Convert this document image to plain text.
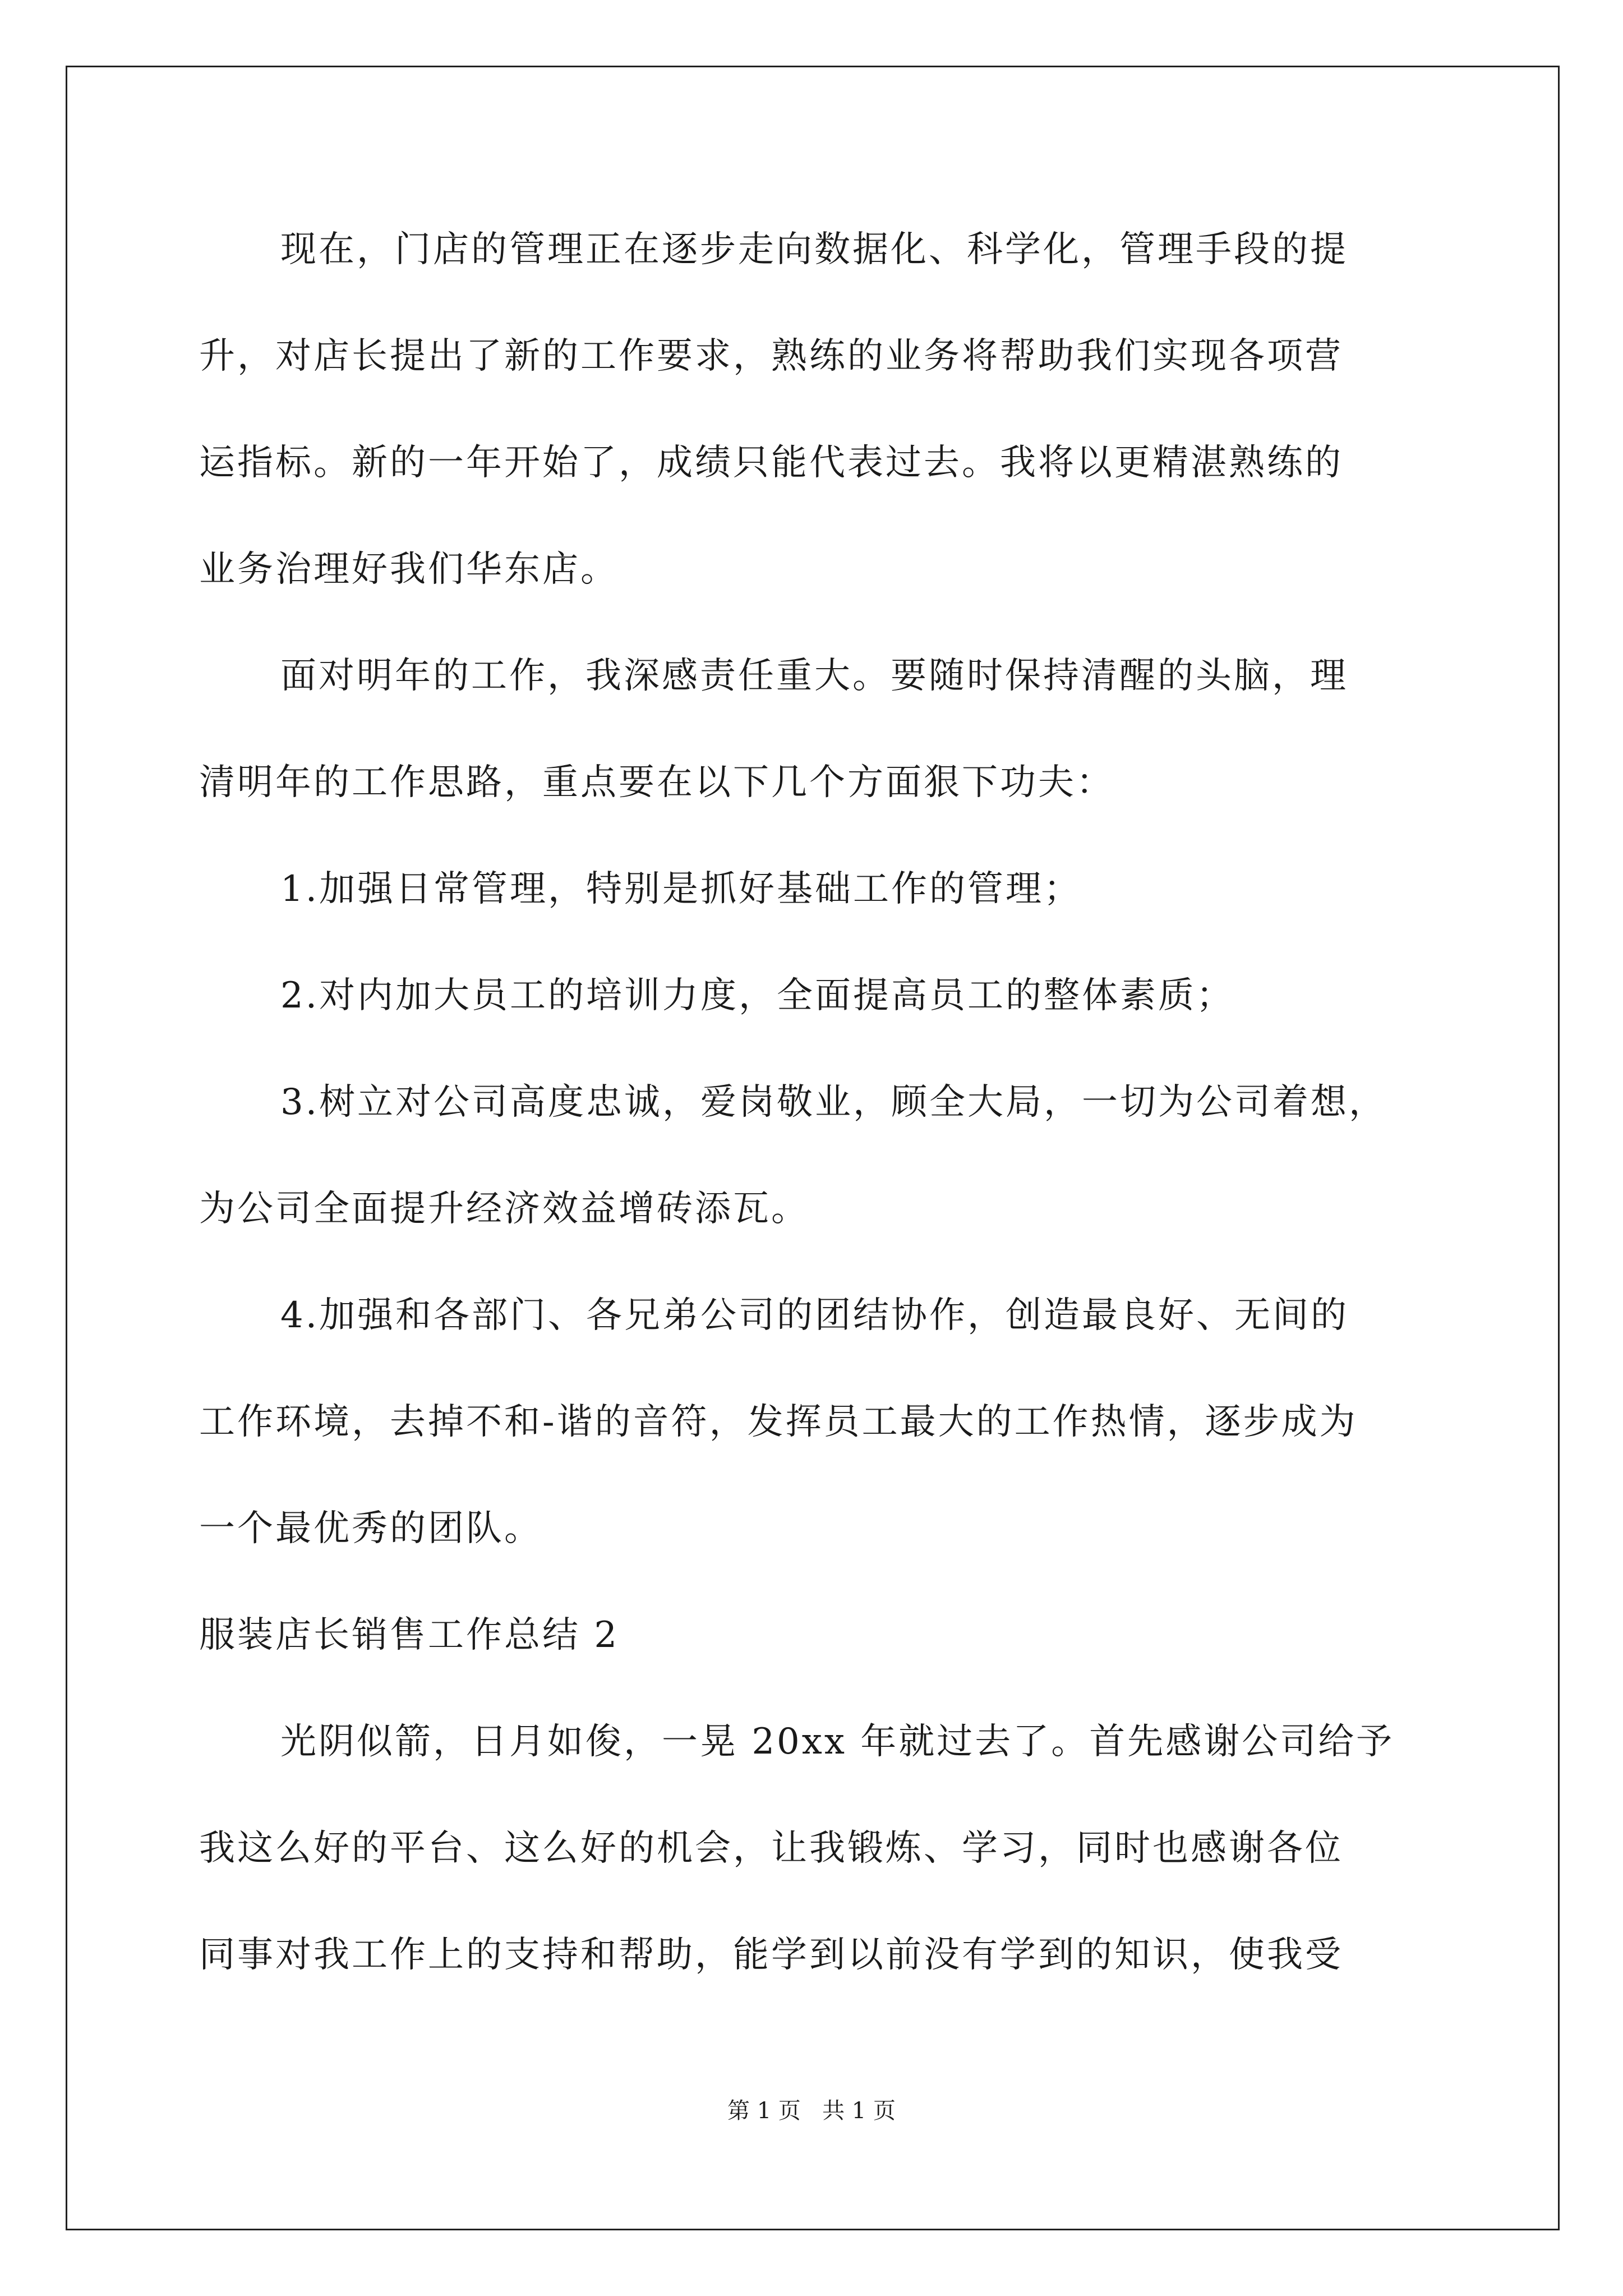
现在，门店的管理正在逐步走向数据化、科学化，管理手段的提
升，对店长提出了新的工作要求，熟练的业务将帮助我们实现各项营
运指标。新的一年开始了，成绩只能代表过去。我将以更精湛熟练的
业务治理好我们华东店。
面对明年的工作，我深感责任重大。要随时保持清醒的头脑，理
清明年的工作思路，重点要在以下几个方面狠下功夫：
1.加强日常管理，特别是抓好基础工作的管理；
2.对内加大员工的培训力度，全面提高员工的整体素质；
3.树立对公司高度忠诚，爱岗敬业，顾全大局，一切为公司着想，
为公司全面提升经济效益增砖添瓦。
4.加强和各部门、各兄弟公司的团结协作，创造最良好、无间的
工作环境，去掉不和-谐的音符，发挥员工最大的工作热情，逐步成为
一个最优秀的团队。
服装店长销售工作总结 2
光阴似箭，日月如俊，一晃 20xx 年就过去了。首先感谢公司给予
我这么好的平台、这么好的机会，让我锻炼、学习，同时也感谢各位
同事对我工作上的支持和帮助，能学到以前没有学到的知识，使我受
第 1 页   共 1 页
